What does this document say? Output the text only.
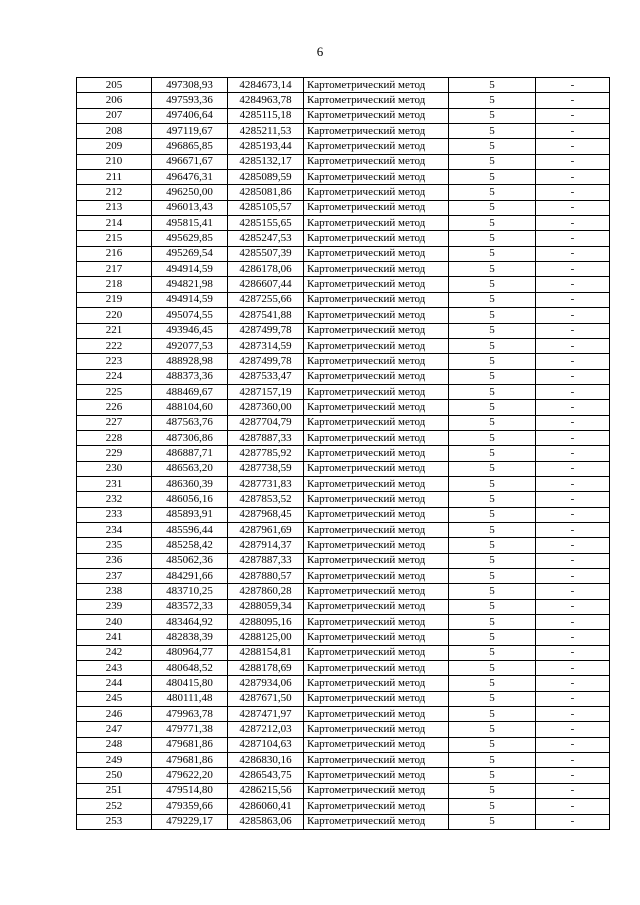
6
205	497308,93	4284673,14	Картометрический метод	5	-
206	497593,36	4284963,78	Картометрический метод	5	-
207	497406,64	4285115,18	Картометрический метод	5	-
208	497119,67	4285211,53	Картометрический метод	5	-
209	496865,85	4285193,44	Картометрический метод	5	-
210	496671,67	4285132,17	Картометрический метод	5	-
211	496476,31	4285089,59	Картометрический метод	5	-
212	496250,00	4285081,86	Картометрический метод	5	-
213	496013,43	4285105,57	Картометрический метод	5	-
214	495815,41	4285155,65	Картометрический метод	5	-
215	495629,85	4285247,53	Картометрический метод	5	-
216	495269,54	4285507,39	Картометрический метод	5	-
217	494914,59	4286178,06	Картометрический метод	5	-
218	494821,98	4286607,44	Картометрический метод	5	-
219	494914,59	4287255,66	Картометрический метод	5	-
220	495074,55	4287541,88	Картометрический метод	5	-
221	493946,45	4287499,78	Картометрический метод	5	-
222	492077,53	4287314,59	Картометрический метод	5	-
223	488928,98	4287499,78	Картометрический метод	5	-
224	488373,36	4287533,47	Картометрический метод	5	-
225	488469,67	4287157,19	Картометрический метод	5	-
226	488104,60	4287360,00	Картометрический метод	5	-
227	487563,76	4287704,79	Картометрический метод	5	-
228	487306,86	4287887,33	Картометрический метод	5	-
229	486887,71	4287785,92	Картометрический метод	5	-
230	486563,20	4287738,59	Картометрический метод	5	-
231	486360,39	4287731,83	Картометрический метод	5	-
232	486056,16	4287853,52	Картометрический метод	5	-
233	485893,91	4287968,45	Картометрический метод	5	-
234	485596,44	4287961,69	Картометрический метод	5	-
235	485258,42	4287914,37	Картометрический метод	5	-
236	485062,36	4287887,33	Картометрический метод	5	-
237	484291,66	4287880,57	Картометрический метод	5	-
238	483710,25	4287860,28	Картометрический метод	5	-
239	483572,33	4288059,34	Картометрический метод	5	-
240	483464,92	4288095,16	Картометрический метод	5	-
241	482838,39	4288125,00	Картометрический метод	5	-
242	480964,77	4288154,81	Картометрический метод	5	-
243	480648,52	4288178,69	Картометрический метод	5	-
244	480415,80	4287934,06	Картометрический метод	5	-
245	480111,48	4287671,50	Картометрический метод	5	-
246	479963,78	4287471,97	Картометрический метод	5	-
247	479771,38	4287212,03	Картометрический метод	5	-
248	479681,86	4287104,63	Картометрический метод	5	-
249	479681,86	4286830,16	Картометрический метод	5	-
250	479622,20	4286543,75	Картометрический метод	5	-
251	479514,80	4286215,56	Картометрический метод	5	-
252	479359,66	4286060,41	Картометрический метод	5	-
253	479229,17	4285863,06	Картометрический метод	5	-
